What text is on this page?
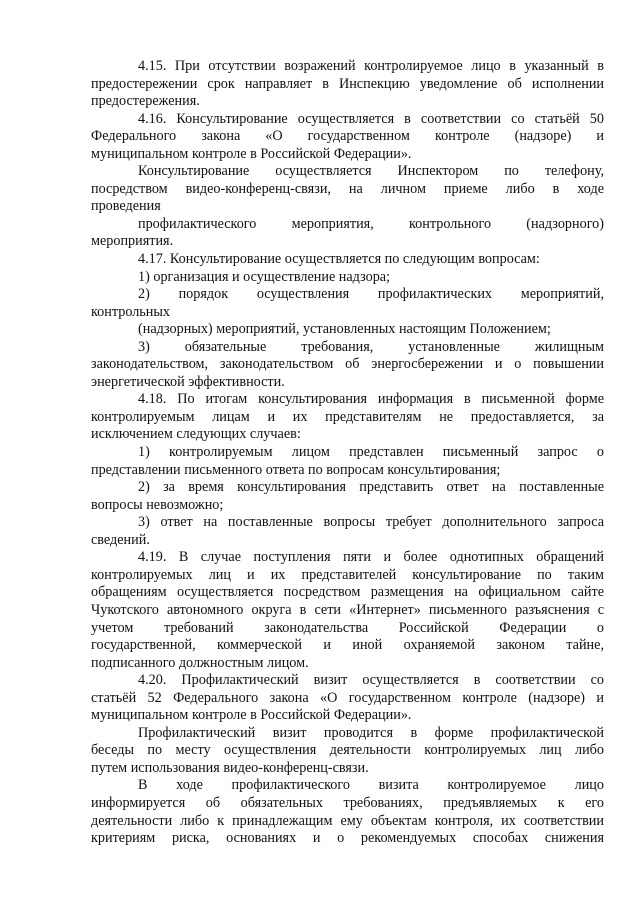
4.15. При отсутствии возражений контролируемое лицо в указанный в
предостережении срок направляет в Инспекцию уведомление об исполнении
предостережения.
4.16. Консультирование осуществляется в соответствии со статьёй 50
Федерального закона «О государственном контроле (надзоре) и
муниципальном контроле в Российской Федерации».
Консультирование осуществляется Инспектором по телефону,
посредством видео-конференц-связи, на личном приеме либо в ходе
проведения
профилактического мероприятия, контрольного (надзорного)
мероприятия.
4.17. Консультирование осуществляется по следующим вопросам:
1) организация и осуществление надзора;
2) порядок осуществления профилактических мероприятий,
контрольных
(надзорных) мероприятий, установленных настоящим Положением;
3) обязательные требования, установленные жилищным
законодательством, законодательством об энергосбережении и о повышении
энергетической эффективности.
4.18. По итогам консультирования информация в письменной форме
контролируемым лицам и их представителям не предоставляется, за
исключением следующих случаев:
1) контролируемым лицом представлен письменный запрос о
представлении письменного ответа по вопросам консультирования;
2) за время консультирования представить ответ на поставленные
вопросы невозможно;
3) ответ на поставленные вопросы требует дополнительного запроса
сведений.
4.19. В случае поступления пяти и более однотипных обращений
контролируемых лиц и их представителей консультирование по таким
обращениям осуществляется посредством размещения на официальном сайте
Чукотского автономного округа в сети «Интернет» письменного разъяснения с
учетом требований законодательства Российской Федерации о
государственной, коммерческой и иной охраняемой законом тайне,
подписанного должностным лицом.
4.20. Профилактический визит осуществляется в соответствии со
статьёй 52 Федерального закона «О государственном контроле (надзоре) и
муниципальном контроле в Российской Федерации».
Профилактический визит проводится в форме профилактической
беседы по месту осуществления деятельности контролируемых лиц либо
путем использования видео-конференц-связи.
В ходе профилактического визита контролируемое лицо
информируется об обязательных требованиях, предъявляемых к его
деятельности либо к принадлежащим ему объектам контроля, их соответствии
критериям риска, основаниях и о рекомендуемых способах снижения
